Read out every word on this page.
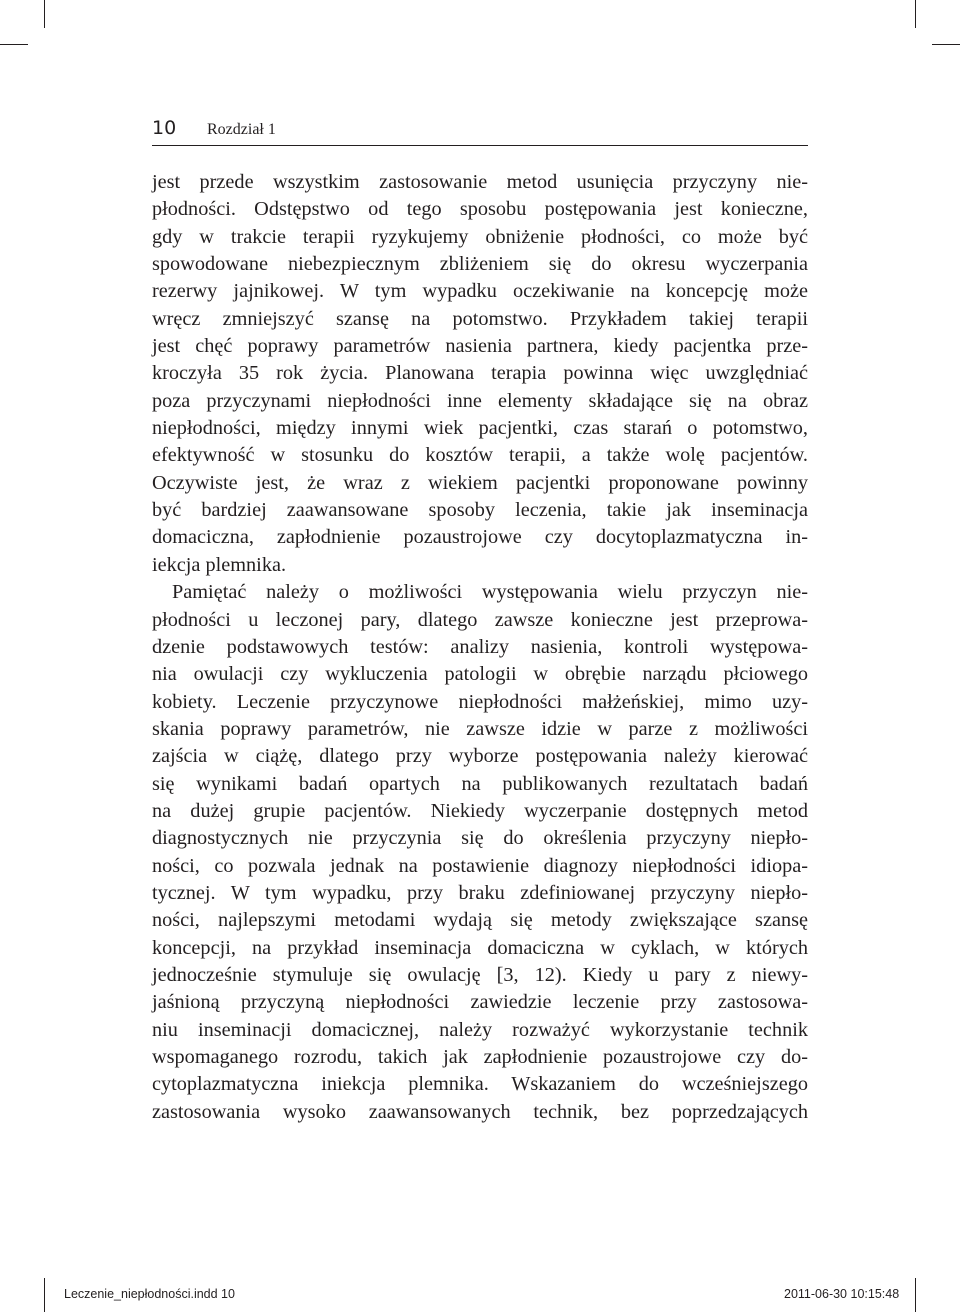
10 Rozdział 1
jest przede wszystkim zastosowanie metod usunięcia przyczyny nie-
płodności. Odstępstwo od tego sposobu postępowania jest konieczne,
gdy w trakcie terapii ryzykujemy obniżenie płodności, co może być
spowodowane niebezpiecznym zbliżeniem się do okresu wyczerpania
rezerwy jajnikowej. W tym wypadku oczekiwanie na koncepcję może
wręcz zmniejszyć szansę na potomstwo. Przykładem takiej terapii
jest chęć poprawy parametrów nasienia partnera, kiedy pacjentka prze-
kroczyła 35 rok życia. Planowana terapia powinna więc uwzględniać
poza przyczynami niepłodności inne elementy składające się na obraz
niepłodności, między innymi wiek pacjentki, czas starań o potomstwo,
efektywność w stosunku do kosztów terapii, a także wolę pacjentów.
Oczywiste jest, że wraz z wiekiem pacjentki proponowane powinny
być bardziej zaawansowane sposoby leczenia, takie jak inseminacja
domaciczna, zapłodnienie pozaustrojowe czy docytoplazmatyczna in-
iekcja plemnika.
Pamiętać należy o możliwości występowania wielu przyczyn nie-
płodności u leczonej pary, dlatego zawsze konieczne jest przeprowa-
dzenie podstawowych testów: analizy nasienia, kontroli występowa-
nia owulacji czy wykluczenia patologii w obrębie narządu płciowego
kobiety. Leczenie przyczynowe niepłodności małżeńskiej, mimo uzy-
skania poprawy parametrów, nie zawsze idzie w parze z możliwości
zajścia w ciążę, dlatego przy wyborze postępowania należy kierować
się wynikami badań opartych na publikowanych rezultatach badań
na dużej grupie pacjentów. Niekiedy wyczerpanie dostępnych metod
diagnostycznych nie przyczynia się do określenia przyczyny niepło-
ności, co pozwala jednak na postawienie diagnozy niepłodności idiopa-
tycznej. W tym wypadku, przy braku zdefiniowanej przyczyny niepło-
ności, najlepszymi metodami wydają się metody zwiększające szansę
koncepcji, na przykład inseminacja domaciczna w cyklach, w których
jednocześnie stymuluje się owulację [3, 12). Kiedy u pary z niewy-
jaśnioną przyczyną niepłodności zawiedzie leczenie przy zastosowa-
niu inseminacji domacicznej, należy rozważyć wykorzystanie technik
wspomaganego rozrodu, takich jak zapłodnienie pozaustrojowe czy do-
cytoplazmatyczna iniekcja plemnika. Wskazaniem do wcześniejszego
zastosowania wysoko zaawansowanych technik, bez poprzedzających
Leczenie_niepłodności.indd 10	2011-06-30 10:15:48
